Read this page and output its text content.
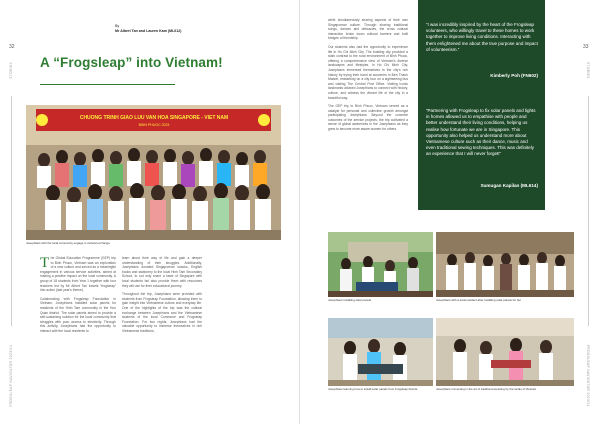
32
STORIES
FROGSLEAP NAVIGATOR 2023/24
By
Mr Albert Tan and Lauren Kam (ML612)
A “Frogsleap” into Vietnam!
CHUONG TRINH GIAO LUU VAN HOA SINGAPORE - VIET NAM
BINH PHUOC 2023
Josephians with the local community engage in cultural exchange
T he Global Education Programme (GEP) trip to Binh Phuoc, Vietnam was an exploration of a new culture and served as a meaningful engagement in various service activities, aimed at making a positive impact on the local community. A group of 18 students from Year 1 together with four teachers led by Mr Albert Tan travels “frogsleap” into action (last year's theme).

Collaborating with Frogsleap Foundation in Vietnam, Josephians installed solar panels for residents of the Hinh Tam community in the Hon Quan district. The solar panels aimed to provide a self-sustaining solution for the local community that struggles with poor access to electricity. Through this activity, Josephians had the opportunity to interact with the local residents to

learn about their way of life and gain a deeper understanding of their struggles. Additionally, Josephians donated Singaporean snacks, English books and stationery to the local Hinh Tam Secondary School, to not only share a taste of Singapore with local students but also provide them with resources they will use for their educational journey.

Throughout the trip, Josephians were provided with students from Frogsleap Foundation, allowing them to gain insight into Vietnamese culture and everyday life. One of the highlights of the trip was the cultural exchange between Josephians and the Vietnamese students of the local Commune and Frogsleap Foundation. For two nights, Josephians had the valuable opportunity to immerse themselves in rich Vietnamese traditions,

while simultaneously sharing aspects of their own Singaporean culture. Through sharing traditional songs, dances and delicacies, the cross cultural interaction broke down cultural barriers and built bridges of friendship.

Our students also had the opportunity to experience life in Ho Chi Minh City. The bustling city provided a stark contrast to the rural environment of Binh Phuoc, offering a comprehensive view of Vietnam's diverse landscapes and lifestyles. In Ho Chi Minh City, Josephians immersed themselves in the city's rich history by trying their hand at souvenirs in Ben Thanh Market, embarking on a city tour on a sightseeing bus and visiting The Central Post Office. Visiting iconic landmarks allowed Josephians to connect with history, culture, and witness the vibrant life of the city in a beautiful way.

The GEP trip to Binh Phuoc, Vietnam served as a catalyst for personal and collective growth amongst participating Josephians. Beyond the concrete outcomes of the service projects, the trip cultivated a sense of global awareness in the Josephians as they grew to become more aware women for others.

33
STORIES
FROGSLEAP NAVIGATOR 2023/24
Josephians installing solar panels	Josephians with a local resident after installing solar panels for her
Josephians learning how to install solar panels from Frogsleap friends	Josephians immersing in the art of traditional weaving by the locals of Vietnam
“I was incredibly inspired by the heart of the Frogsleap volunteers, who willingly travel to these homes to work together to improve living conditions. Interacting with them enlightened me about the true purpose and impact of volunteerism.”
Kimberly Poh (FN602)
“Partnering with Frogsleap to fix solar panels and lights in homes allowed us to empathise with people and better understand their living conditions, helping us realise how fortunate we are in Singapore. This opportunity also helped us understand more about Vietnamese culture such as their dance, music and even traditional sewing techniques. This was definitely an experience that I will never forget!”
Sumugan Kapilan (ML614)
